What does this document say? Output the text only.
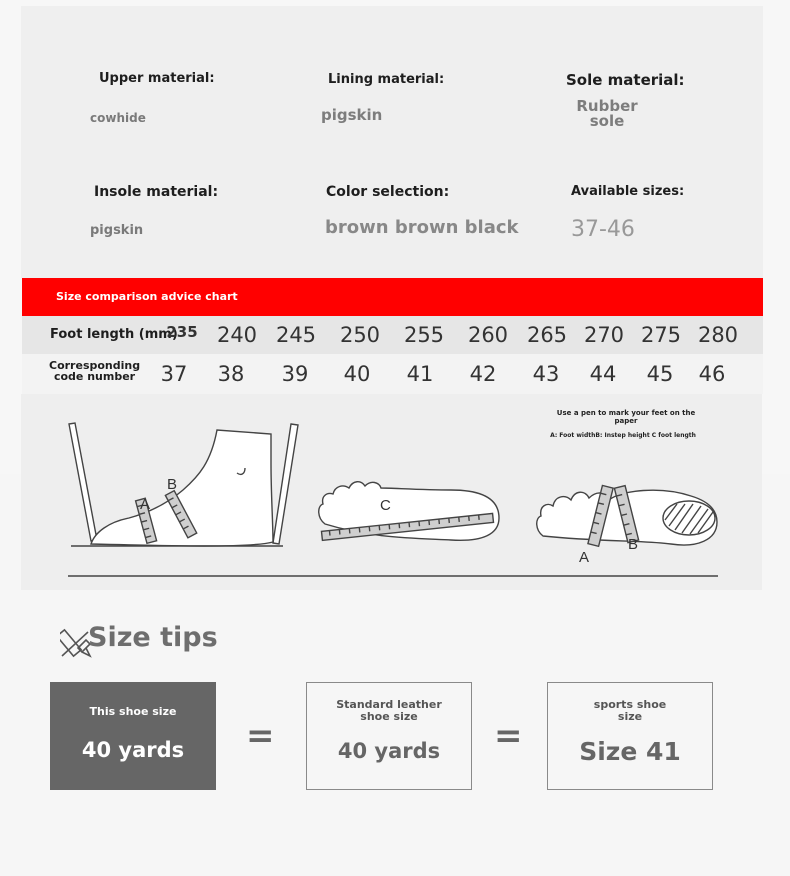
Upper material:
cowhide
Lining material:
pigskin
Sole material:
Rubber
sole
Insole material:
pigskin
Color selection:
brown brown black
Available sizes:
37-46
Size comparison advice chart
Foot length (mm)
235 240 245 250 255 260 265 270 275 280
Corresponding
code number 37 38 39 40 41 42 43 44 45 46
A
B
C
A
B
Use a pen to mark your feet on the
paper
A: Foot widthB: Instep height C foot length
Size tips
This shoe size
40 yards	=
Standard leather
shoe size
40 yards	=
sports shoe
size
Size 41
